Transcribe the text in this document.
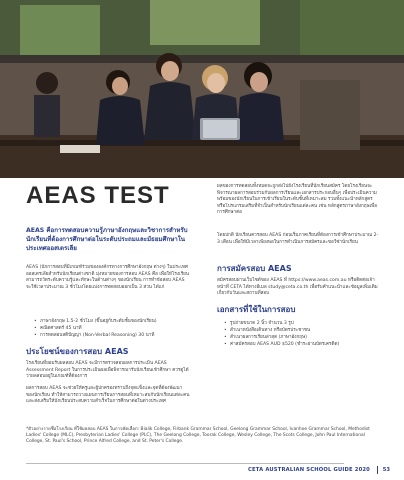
AEAS TEST

AEAS คือการทดสอบความรู้ภาษาอังกฤษและวิชาการสำหรับนักเรียนที่ต้องการศึกษาต่อในระดับประถมและมัธยมศึกษาในประเทศออสเตรเลีย

AEAS (นักการสอบที่มีเกณฑ์ร่วมขององค์กรทางการศึกษาอังกฤษ ต่างๆ) ในประเทศออสเตรเลียสำหรับนักเรียนต่างชาติ มุ่งหมายของการสอบ AEAS คือ เพื่อให้โรงเรียนสามารถวัดระดับความรู้และทักษะในด้านต่างๆ ของนักเรียน การทำข้อสอบ AEAS จะใช้เวลาประมาณ 3 ชั่วโมงโดยแบ่งการทดสอบออกเป็น 3 ส่วน ได้แก่

• ภาษาอังกฤษ 1.5-2 ชั่วโมง (ขึ้นอยู่กับระดับชั้นของนักเรียน)
• คณิตศาสตร์ 45 นาที
• การทดสอบสติปัญญา (Non-Verbal Reasoning) 30 นาที
ประโยชน์ของการสอบ AEAS

โรงเรียนที่ยอมรับผลสอบ AEAS จะมีการตรวจสอบผลการประเมิน AEAS Assessment Report ในการประเมินผลเพื่อพิจารณารับนักเรียนเข้าศึกษา ควรดูได้ว่าผลสอบอยู่ในเกณฑ์ที่ต้องการ

ผลการสอบ AEAS จะช่วยให้ครูและผู้ปกครองทราบถึงจุดแข็งและจุดที่ต้องพัฒนาของนักเรียน ทำให้สามารถวางแผนการเรียนการสอนที่เหมาะสมกับนักเรียนแต่ละคน และส่งเสริมให้นักเรียนประสบความสำเร็จในการศึกษาต่อในต่างประเทศ

ผลของการทดสอบทั้งหมดจะถูกส่งไปยังโรงเรียนที่นักเรียนสมัคร โดยโรงเรียนจะพิจารณาผลการสอบร่วมกับผลการเรียนและเอกสารประกอบอื่นๆ เพื่อประเมินความพร้อมของนักเรียนในการเข้าเรียนในระดับชั้นที่เหมาะสม รวมทั้งแนะนำหลักสูตรหรือโปรแกรมเสริมที่จำเป็นสำหรับนักเรียนแต่ละคน เช่น หลักสูตรภาษาอังกฤษเพื่อการศึกษาต่อ

โดยปกติ นักเรียนควรสอบ AEAS ก่อนเริ่มภาคเรียนที่ต้องการเข้าศึกษาประมาณ 2-3 เดือน เพื่อให้มีเวลาเพียงพอในการดำเนินการสมัครและขอวีซ่านักเรียน

การสมัครสอบ AEAS

สมัครสอบผ่านเว็บไซต์ของ AEAS ที่ https://www.aeas.com.au หรือติดต่อเจ้าหน้าที่ CETA ได้ทางอีเมล study@ceta.co.th เพื่อรับคำแนะนำและข้อมูลเพิ่มเติมเกี่ยวกับวันและสถานที่สอบ

เอกสารที่ใช้ในการสอบ
• รูปถ่ายขนาด 2 นิ้ว จำนวน 3 รูป
• สำเนาหนังสือเดินทาง หรือบัตรประชาชน
• สำเนาผลการเรียนล่าสุด (ภาษาอังกฤษ)
• ค่าสมัครสอบ AEAS AUD $520 (ชำระผ่านบัตรเครดิต)

*ตัวอย่างรายชื่อโรงเรียน ที่ใช้ผลสอบ AEAS ในการคัดเลือก: Bialik College, Firbank Grammar School, Geelong Grammar School, Ivanhoe Grammar School, Methodist Ladies' College (MLC), Presbyterian Ladies' College (PLC), The Geelong College, Toorak College, Wesley College, The Scots College, John Paul International College, St. Paul's School, Prince Alfred College, and St. Peter's College.

CETA AUSTRALIAN SCHOOL GUIDE 2020 53
